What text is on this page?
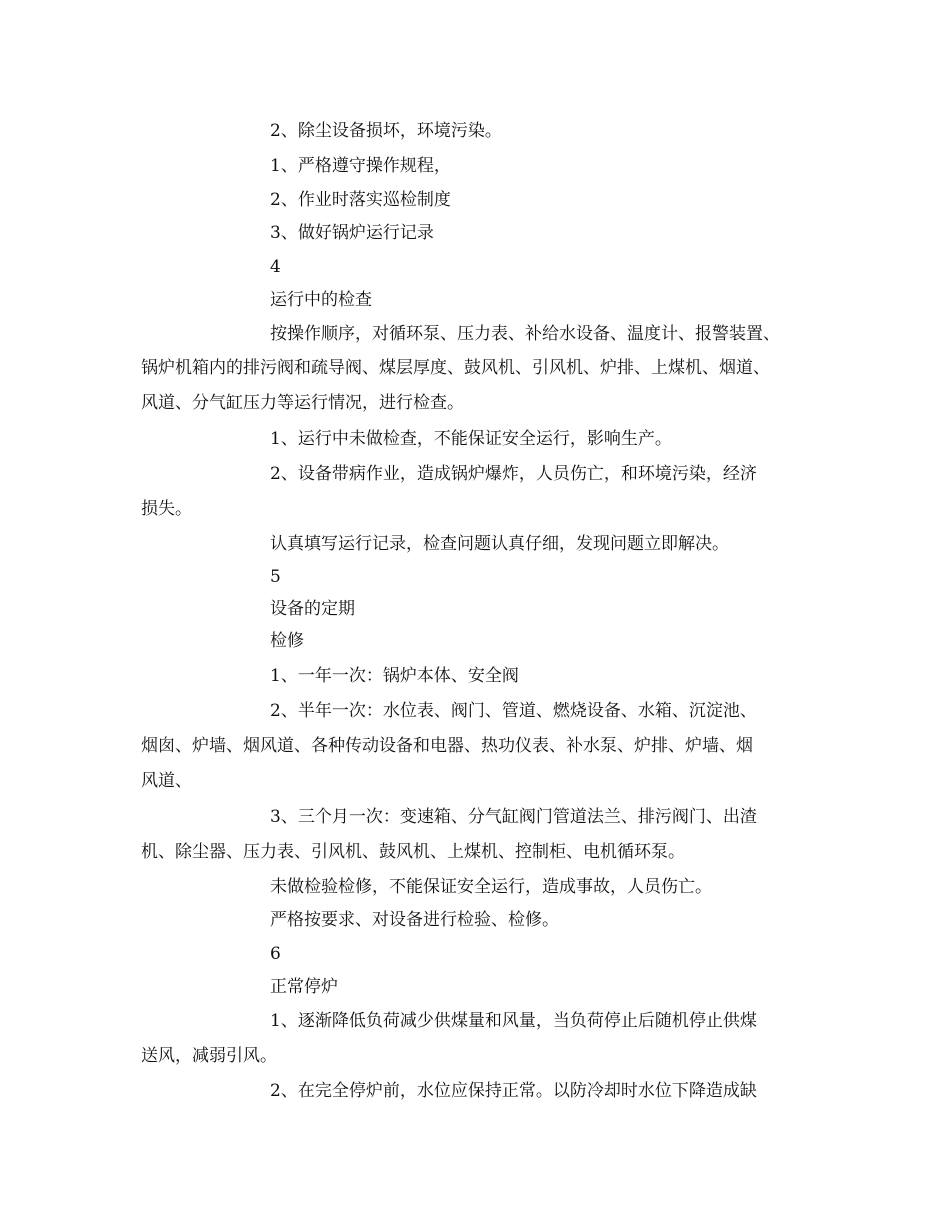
2、除尘设备损坏，环境污染。
1、严格遵守操作规程，
2、作业时落实巡检制度
3、做好锅炉运行记录
4
运行中的检查
按操作顺序，对循环泵、压力表、补给水设备、温度计、报警装置、
锅炉机箱内的排污阀和疏导阀、煤层厚度、鼓风机、引风机、炉排、上煤机、烟道、
风道、分气缸压力等运行情况，进行检查。
1、运行中未做检查，不能保证安全运行，影响生产。
2、设备带病作业，造成锅炉爆炸，人员伤亡，和环境污染，经济
损失。
认真填写运行记录，检查问题认真仔细，发现问题立即解决。
5
设备的定期
检修
1、一年一次：锅炉本体、安全阀
2、半年一次：水位表、阀门、管道、燃烧设备、水箱、沉淀池、
烟囱、炉墙、烟风道、各种传动设备和电器、热功仪表、补水泵、炉排、炉墙、烟
风道、
3、三个月一次：变速箱、分气缸阀门管道法兰、排污阀门、出渣
机、除尘器、压力表、引风机、鼓风机、上煤机、控制柜、电机循环泵。
未做检验检修，不能保证安全运行，造成事故，人员伤亡。
严格按要求、对设备进行检验、检修。
6
正常停炉
1、逐渐降低负荷减少供煤量和风量，当负荷停止后随机停止供煤
送风，减弱引风。
2、在完全停炉前，水位应保持正常。以防冷却时水位下降造成缺
